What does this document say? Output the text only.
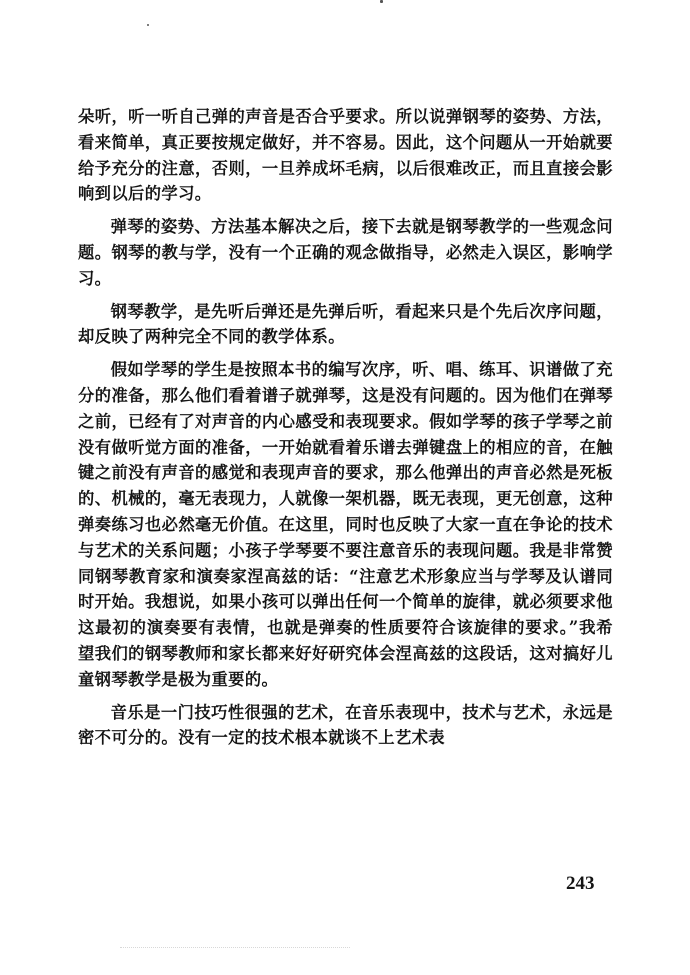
朵听，听一听自己弹的声音是否合乎要求。所以说弹钢琴的姿势、方法，看来简单，真正要按规定做好，并不容易。因此，这个问题从一开始就要给予充分的注意，否则，一旦养成坏毛病，以后很难改正，而且直接会影响到以后的学习。

弹琴的姿势、方法基本解决之后，接下去就是钢琴教学的一些观念问题。钢琴的教与学，没有一个正确的观念做指导，必然走入误区，影响学习。

钢琴教学，是先听后弹还是先弹后听，看起来只是个先后次序问题，却反映了两种完全不同的教学体系。

假如学琴的学生是按照本书的编写次序，听、唱、练耳、识谱做了充分的准备，那么他们看着谱子就弹琴，这是没有问题的。因为他们在弹琴之前，已经有了对声音的内心感受和表现要求。假如学琴的孩子学琴之前没有做听觉方面的准备，一开始就看着乐谱去弹键盘上的相应的音，在触键之前没有声音的感觉和表现声音的要求，那么他弹出的声音必然是死板的、机械的，毫无表现力，人就像一架机器，既无表现，更无创意，这种弹奏练习也必然毫无价值。在这里，同时也反映了大家一直在争论的技术与艺术的关系问题；小孩子学琴要不要注意音乐的表现问题。我是非常赞同钢琴教育家和演奏家涅高兹的话：“注意艺术形象应当与学琴及认谱同时开始。我想说，如果小孩可以弹出任何一个简单的旋律，就必须要求他这最初的演奏要有表情，也就是弹奏的性质要符合该旋律的要求。”我希望我们的钢琴教师和家长都来好好研究体会涅高兹的这段话，这对搞好儿童钢琴教学是极为重要的。

音乐是一门技巧性很强的艺术，在音乐表现中，技术与艺术，永远是密不可分的。没有一定的技术根本就谈不上艺术表

243
